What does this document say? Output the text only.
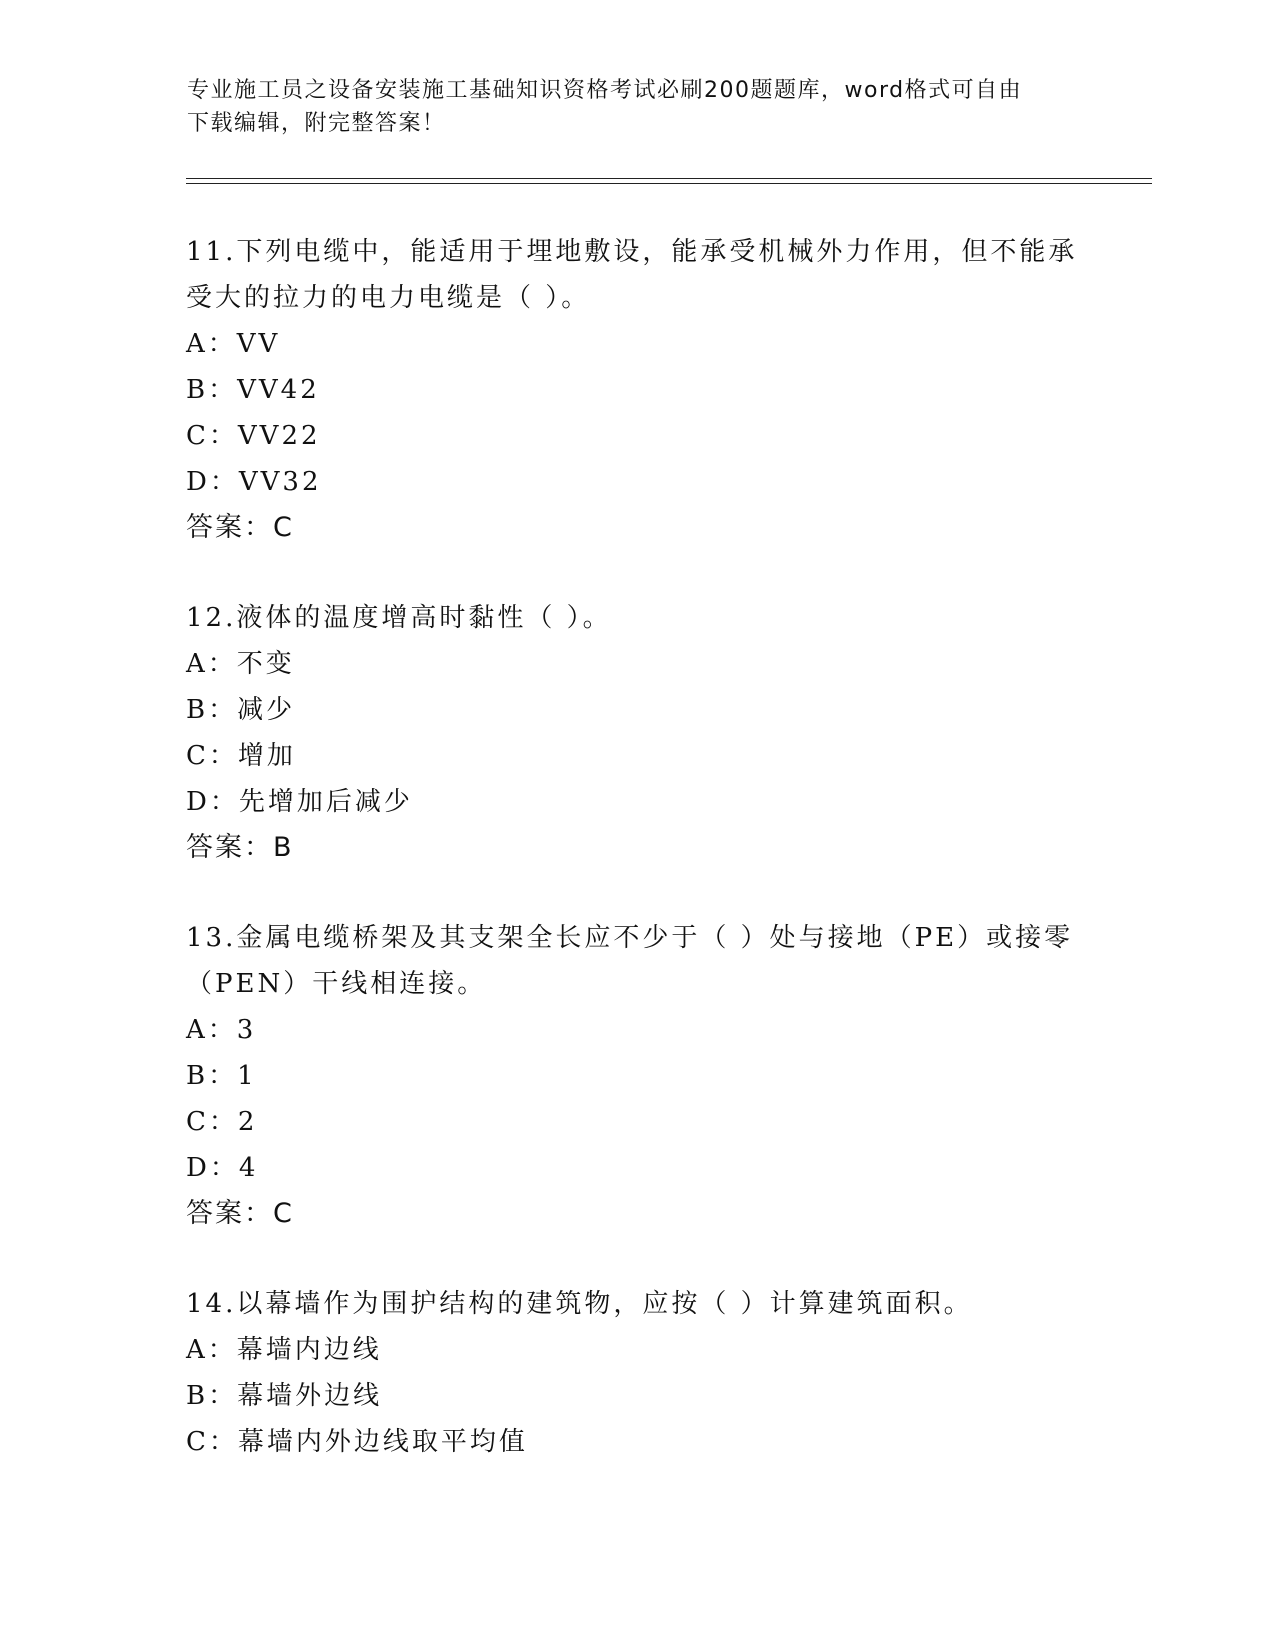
专业施工员之设备安装施工基础知识资格考试必刷200题题库，word格式可自由
下载编辑，附完整答案！

11.下列电缆中，能适用于埋地敷设，能承受机械外力作用，但不能承

受大的拉力的电力电缆是（ ）。

A：VV

B：VV42

C：VV22

D：VV32

答案：C

12.液体的温度增高时黏性（ ）。

A：不变

B：减少

C：增加

D：先增加后减少

答案：B

13.金属电缆桥架及其支架全长应不少于（ ）处与接地（PE）或接零

（PEN）干线相连接。

A：3

B：1

C：2

D：4

答案：C

14.以幕墙作为围护结构的建筑物，应按（ ）计算建筑面积。

A：幕墙内边线

B：幕墙外边线

C：幕墙内外边线取平均值
